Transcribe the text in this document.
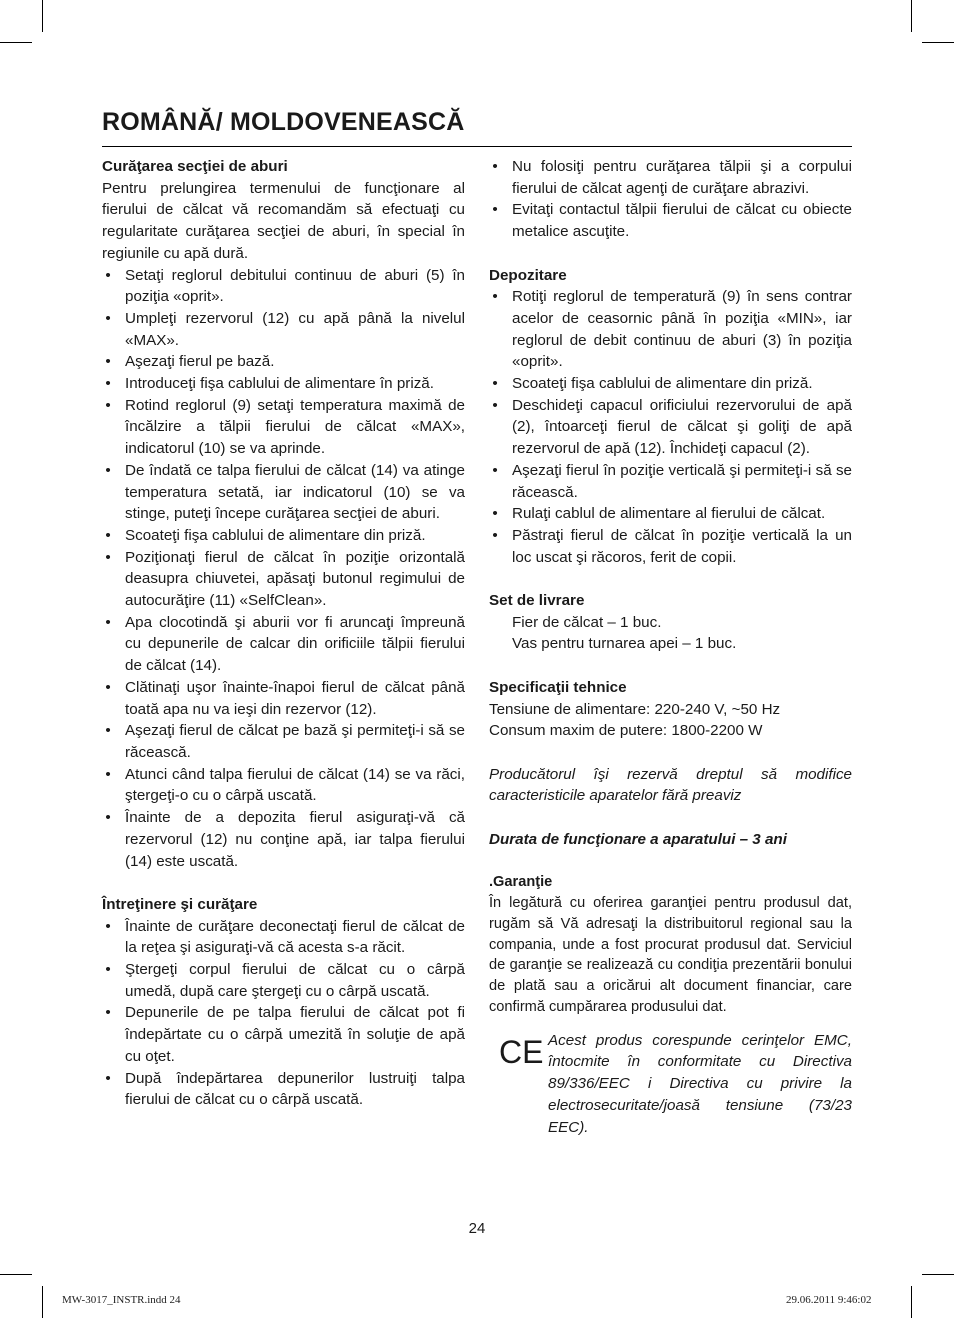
ROMÂNĂ/ MOLDOVENEASCĂ
Curăţarea secţiei de aburi

Pentru prelungirea termenului de funcţionare al fierului de călcat vă recomandăm să efectuaţi cu regularitate curăţarea secţiei de aburi, în special în regiunile cu apă dură.

• Setaţi reglorul debitului continuu de aburi (5) în poziţia «oprit».
• Umpleţi rezervorul (12) cu apă până la nivelul «MAX».
• Aşezaţi fierul pe bază.
• Introduceţi fişa cablului de alimentare în priză.
• Rotind reglorul (9) setaţi temperatura maximă de încălzire a tălpii fierului de călcat «MAX», indicatorul (10) se va aprinde.
• De îndată ce talpa fierului de călcat (14) va atinge temperatura setată, iar indicatorul (10) se va stinge, puteţi începe curăţarea secţiei de aburi.
• Scoateţi fişa cablului de alimentare din priză.
• Poziţionaţi fierul de călcat în poziţie orizontală deasupra chiuvetei, apăsaţi butonul regimului de autocurăţire (11) «SelfClean».
• Apa clocotindă şi aburii vor fi aruncaţi împreună cu depunerile de calcar din orificiile tălpii fierului de călcat (14).
• Clătinaţi uşor înainte-înapoi fierul de călcat până toată apa nu va ieşi din rezervor (12).
• Aşezaţi fierul de călcat pe bază şi permiteţi-i să se răcească.
• Atunci când talpa fierului de călcat (14) se va răci, ştergeţi-o cu o cârpă uscată.
• Înainte de a depozita fierul asiguraţi-vă că rezervorul (12) nu conţine apă, iar talpa fierului (14) este uscată.
Întreţinere şi curăţare
• Înainte de curăţare deconectaţi fierul de călcat de la reţea şi asiguraţi-vă că acesta s-a răcit.
• Ştergeţi corpul fierului de călcat cu o cârpă umedă, după care ştergeţi cu o cârpă uscată.
• Depunerile de pe talpa fierului de călcat pot fi îndepărtate cu o cârpă umezită în soluţie de apă cu oţet.
• După îndepărtarea depunerilor lustruiţi talpa fierului de călcat cu o cârpă uscată.
• Nu folosiţi pentru curăţarea tălpii şi a corpului fierului de călcat agenţi de curăţare abrazivi.
• Evitaţi contactul tălpii fierului de călcat cu obiecte metalice ascuţite.
Depozitare
• Rotiţi reglorul de temperatură (9) în sens contrar acelor de ceasornic până în poziţia «MIN», iar reglorul de debit continuu de aburi (3) în poziţia «oprit».
• Scoateţi fişa cablului de alimentare din priză.
• Deschideţi capacul orificiului rezervorului de apă (2), întoarceţi fierul de călcat şi goliţi de apă rezervorul de apă (12). Închideţi capacul (2).
• Aşezaţi fierul în poziţie verticală şi permiteţi-i să se răcească.
• Rulaţi cablul de alimentare al fierului de călcat.
• Păstraţi fierul de călcat în poziţie verticală la un loc uscat şi răcoros, ferit de copii.
Set de livrare
Fier de călcat – 1 buc.
Vas pentru turnarea apei – 1 buc.
Specificaţii tehnice
Tensiune de alimentare: 220-240 V, ~50 Hz
Consum maxim de putere: 1800-2200 W

Producătorul îşi rezervă dreptul să modifice caracteristicile aparatelor fără preaviz

Durata de funcţionare a aparatului – 3 ani
.Garanţie

În legătură cu oferirea garanţiei pentru produsul dat, rugăm să Vă adresaţi la distribuitorul regional sau la compania, unde a fost procurat produsul dat. Serviciul de garanţie se realizează cu condiţia prezentării bonului de plată sau a oricărui alt document financiar, care confirmă cumpărarea produsului dat.

CE Acest produs corespunde cerinţelor EMC, întocmite în conformitate cu Directiva 89/336/EEC i Directiva cu privire la electrosecuritate/joasă tensiune (73/23 EEC).

24
MW-3017_INSTR.indd 24	29.06.2011 9:46:02
